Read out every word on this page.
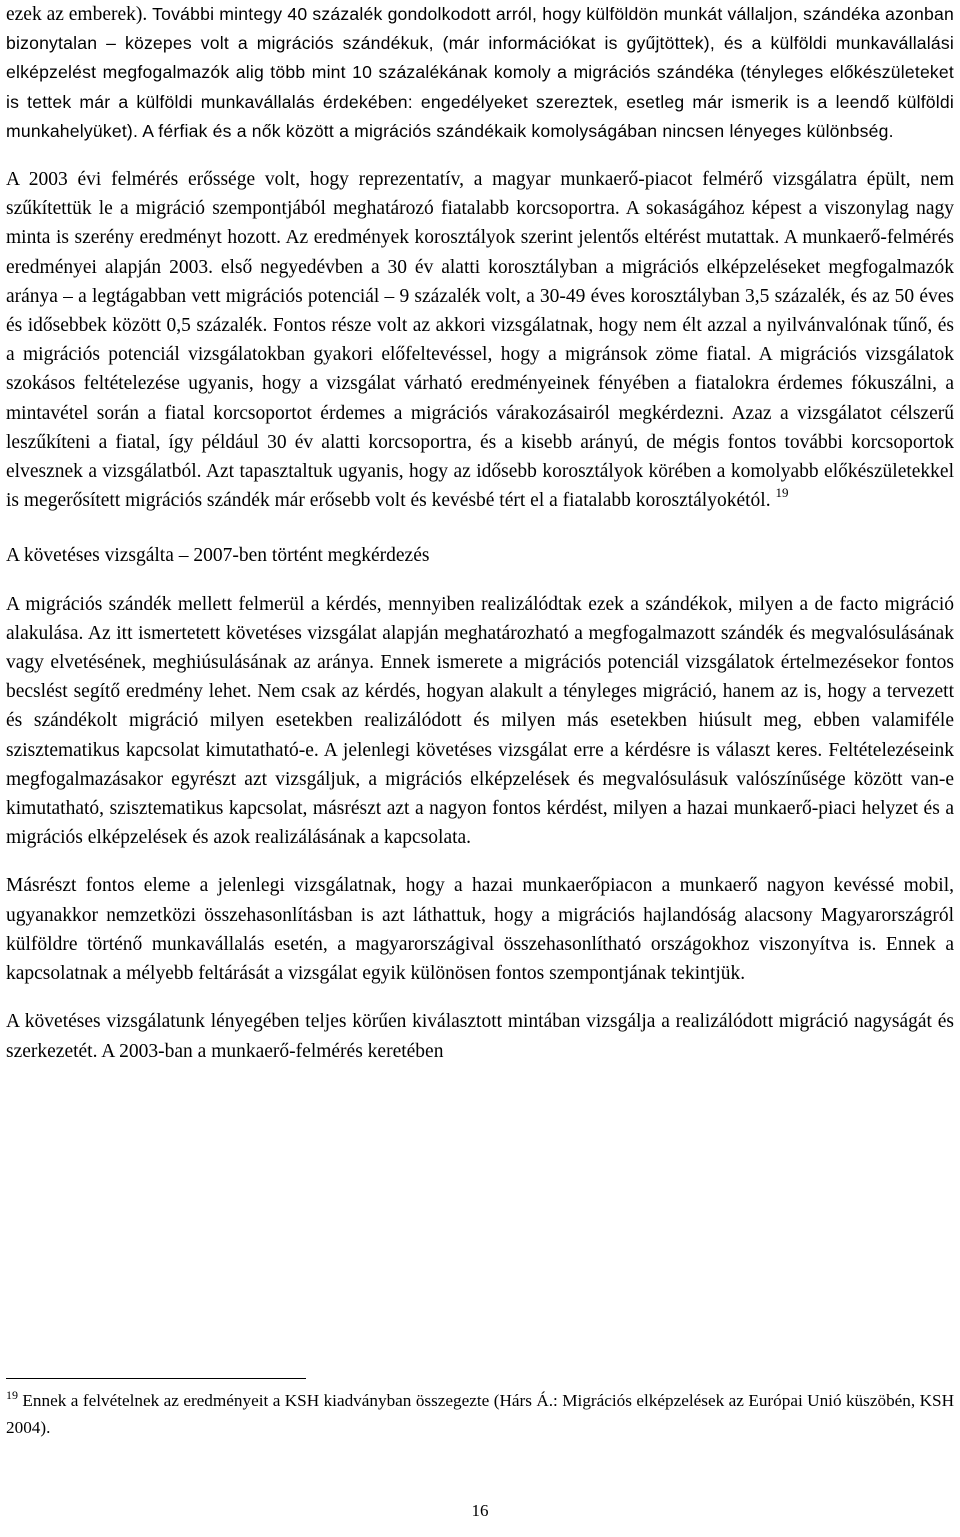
ezek az emberek). További mintegy 40 százalék gondolkodott arról, hogy külföldön munkát vállaljon, szándéka azonban bizonytalan – közepes volt a migrációs szándékuk, (már információkat is gyűjtöttek), és a külföldi munkavállalási elképzelést megfogalmazók alig több mint 10 százalékának komoly a migrációs szándéka (tényleges előkészületeket is tettek már a külföldi munkavállalás érdekében: engedélyeket szereztek, esetleg már ismerik is a leendő külföldi munkahelyüket). A férfiak és a nők között a migrációs szándékaik komolyságában nincsen lényeges különbség.

A 2003 évi felmérés erőssége volt, hogy reprezentatív, a magyar munkaerő-piacot felmérő vizsgálatra épült, nem szűkítettük le a migráció szempontjából meghatározó fiatalabb korcsoportra. A sokaságához képest a viszonylag nagy minta is szerény eredményt hozott. Az eredmények korosztályok szerint jelentős eltérést mutattak. A munkaerő-felmérés eredményei alapján 2003. első negyedévben a 30 év alatti korosztályban a migrációs elképzeléseket megfogalmazók aránya – a legtágabban vett migrációs potenciál – 9 százalék volt, a 30-49 éves korosztályban 3,5 százalék, és az 50 éves és idősebbek között 0,5 százalék. Fontos része volt az akkori vizsgálatnak, hogy nem élt azzal a nyilvánvalónak tűnő, és a migrációs potenciál vizsgálatokban gyakori előfeltevéssel, hogy a migránsok zöme fiatal. A migrációs vizsgálatok szokásos feltételezése ugyanis, hogy a vizsgálat várható eredményeinek fényében a fiatalokra érdemes fókuszálni, a mintavétel során a fiatal korcsoportot érdemes a migrációs várakozásairól megkérdezni. Azaz a vizsgálatot célszerű leszűkíteni a fiatal, így például 30 év alatti korcsoportra, és a kisebb arányú, de mégis fontos további korcsoportok elvesznek a vizsgálatból. Azt tapasztaltuk ugyanis, hogy az idősebb korosztályok körében a komolyabb előkészületekkel is megerősített migrációs szándék már erősebb volt és kevésbé tért el a fiatalabb korosztályokétól. $^{19}$

A követéses vizsgálta – 2007-ben történt megkérdezés

A migrációs szándék mellett felmerül a kérdés, mennyiben realizálódtak ezek a szándékok, milyen a de facto migráció alakulása. Az itt ismertetett követéses vizsgálat alapján meghatározható a megfogalmazott szándék és megvalósulásának vagy elvetésének, meghiúsulásának az aránya. Ennek ismerete a migrációs potenciál vizsgálatok értelmezésekor fontos becslést segítő eredmény lehet. Nem csak az kérdés, hogyan alakult a tényleges migráció, hanem az is, hogy a tervezett és szándékolt migráció milyen esetekben realizálódott és milyen más esetekben hiúsult meg, ebben valamiféle szisztematikus kapcsolat kimutatható-e. A jelenlegi követéses vizsgálat erre a kérdésre is választ keres. Feltételezéseink megfogalmazásakor egyrészt azt vizsgáljuk, a migrációs elképzelések és megvalósulásuk valószínűsége között van-e kimutatható, szisztematikus kapcsolat, másrészt azt a nagyon fontos kérdést, milyen a hazai munkaerő-piaci helyzet és a migrációs elképzelések és azok realizálásának a kapcsolata.

Másrészt fontos eleme a jelenlegi vizsgálatnak, hogy a hazai munkaerőpiacon a munkaerő nagyon kevéssé mobil, ugyanakkor nemzetközi összehasonlításban is azt láthattuk, hogy a migrációs hajlandóság alacsony Magyarországról külföldre történő munkavállalás esetén, a magyarországival összehasonlítható országokhoz viszonyítva is. Ennek a kapcsolatnak a mélyebb feltárását a vizsgálat egyik különösen fontos szempontjának tekintjük.

A követéses vizsgálatunk lényegében teljes körűen kiválasztott mintában vizsgálja a realizálódott migráció nagyságát és szerkezetét. A 2003-ban a munkaerő-felmérés keretében

$^{19}$ Ennek a felvételnek az eredményeit a KSH kiadványban összegezte (Hárs Á.: Migrációs elképzelések az Európai Unió küszöbén, KSH 2004).

16
